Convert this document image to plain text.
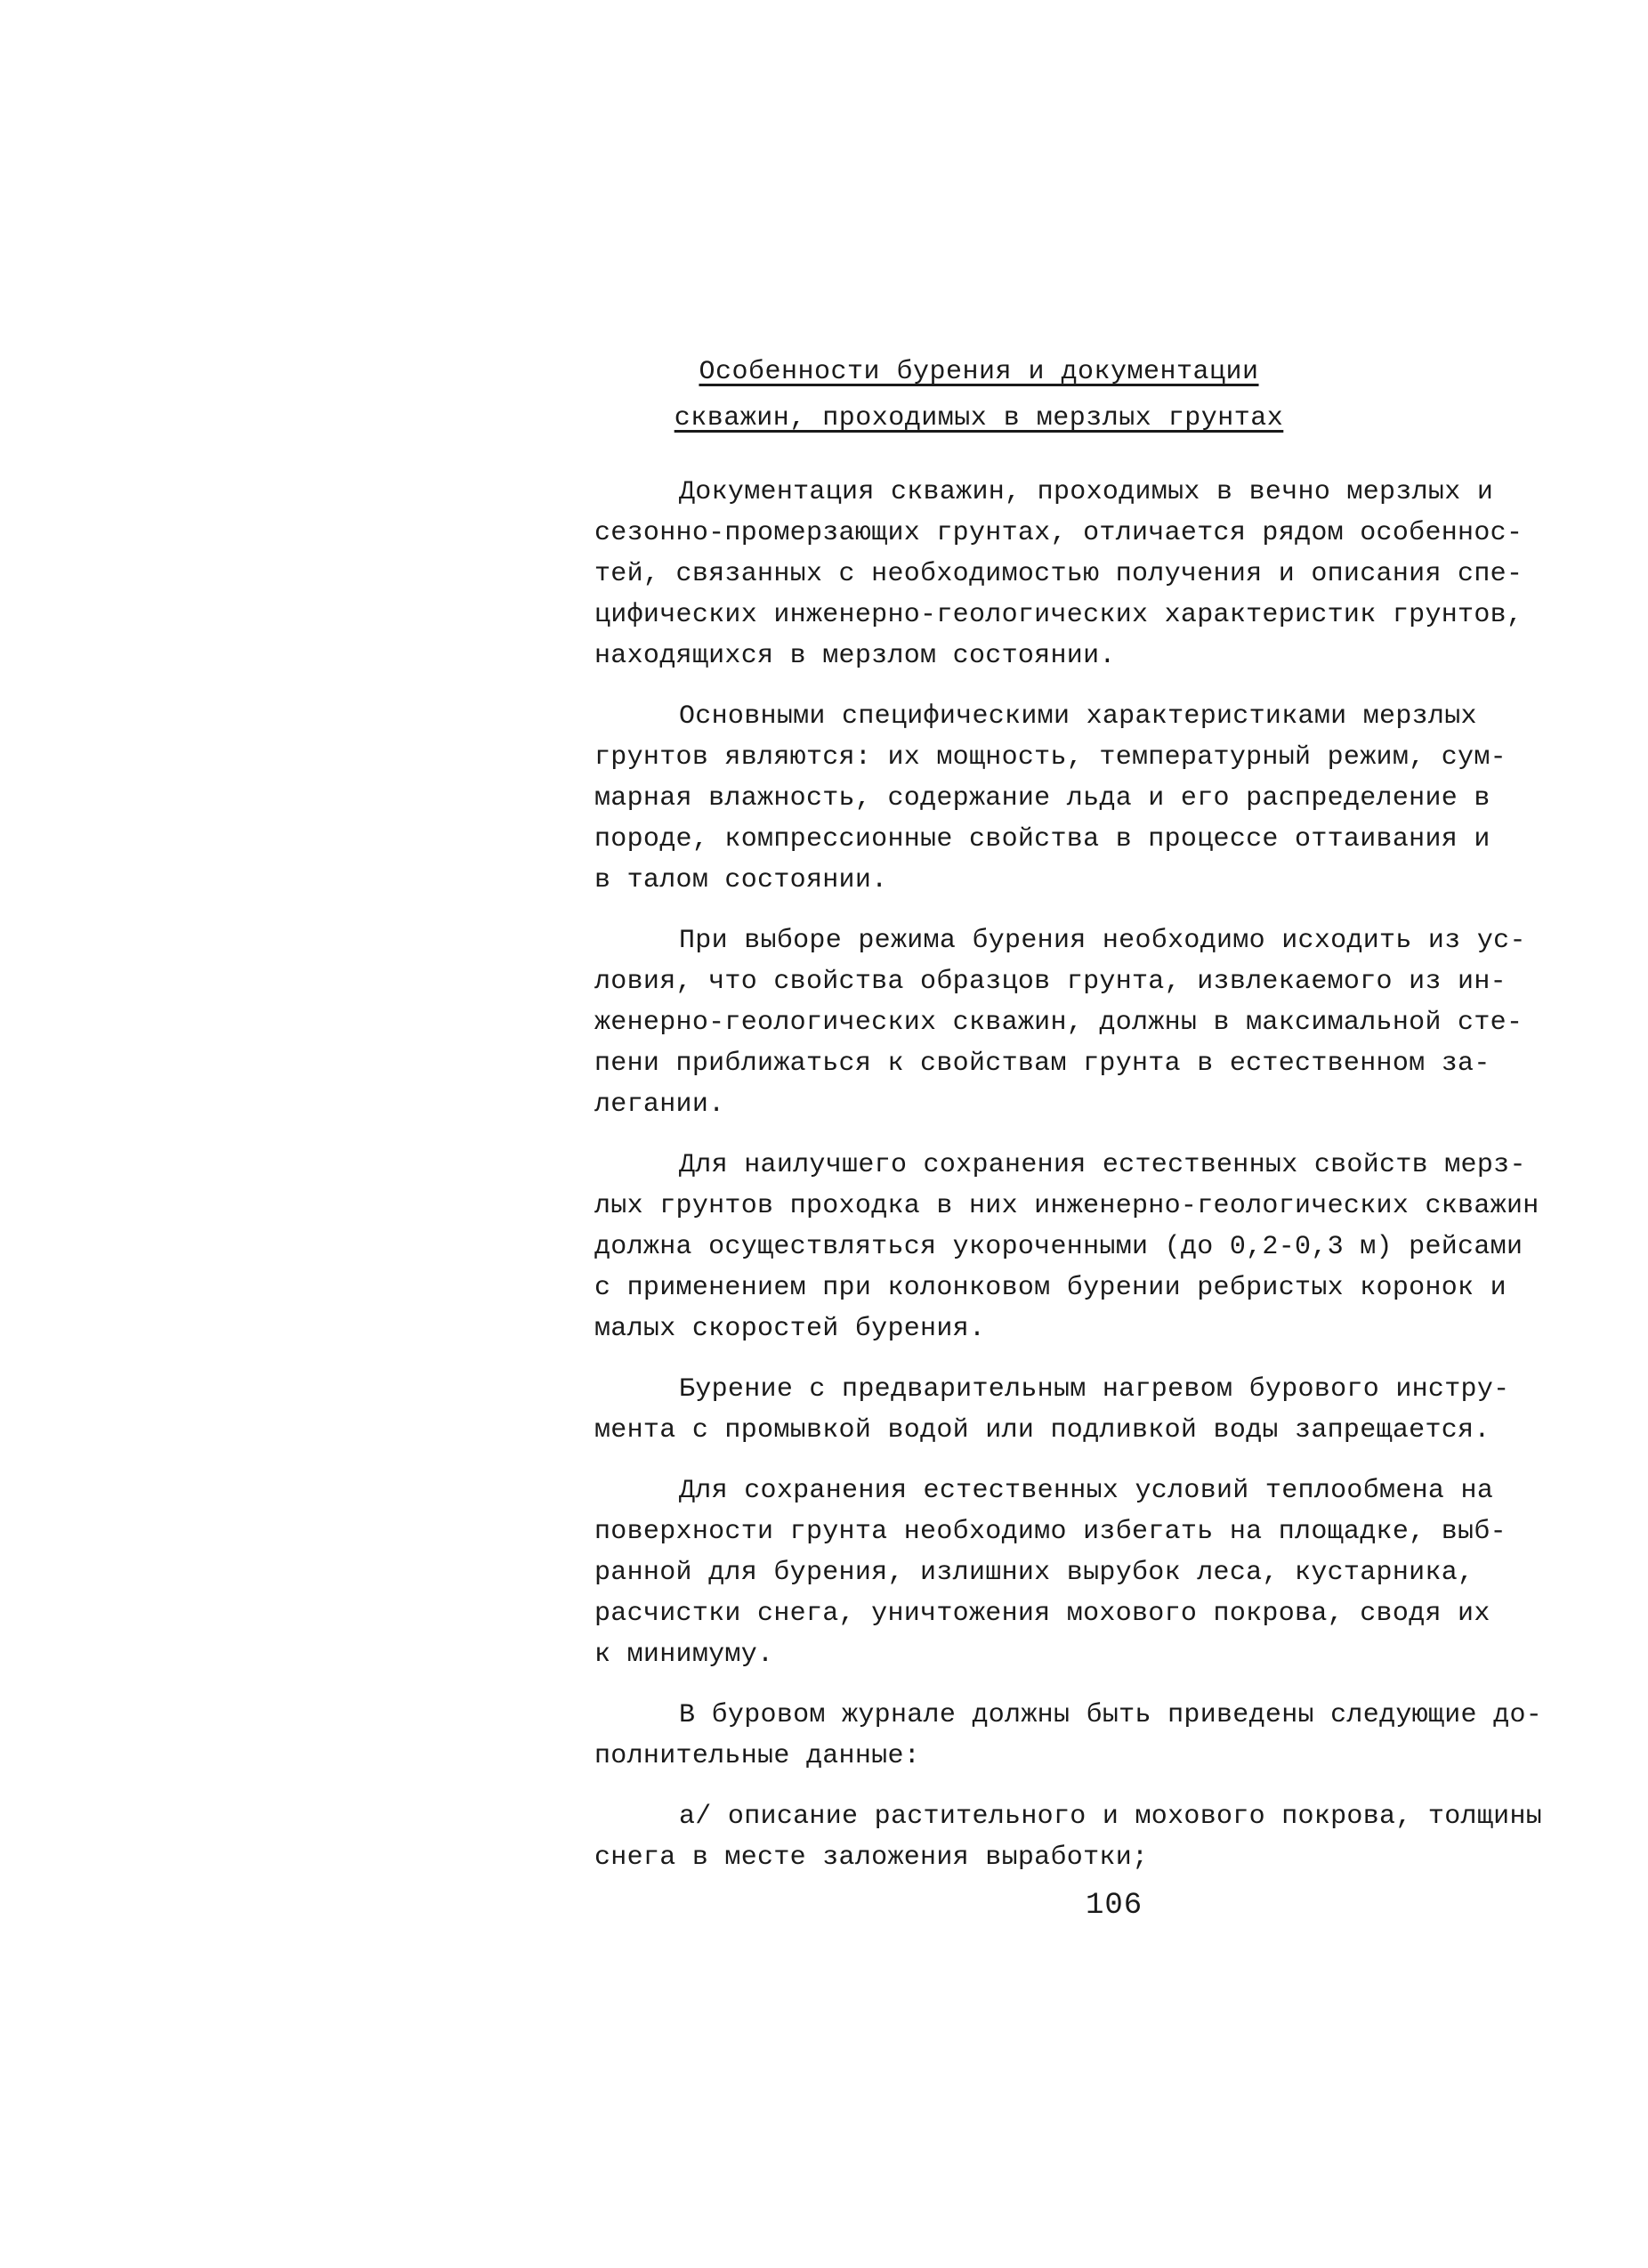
Особенности бурения и документации
скважин, проходимых в мерзлых грунтах

Документация скважин, проходимых в вечно мерзлых и
сезонно-промерзающих грунтах, отличается рядом особеннос-
тей, связанных с необходимостью получения и описания спе-
цифических инженерно-геологических характеристик грунтов,
находящихся в мерзлом состоянии.

Основными специфическими характеристиками мерзлых
грунтов являются: их мощность, температурный режим, сум-
марная влажность, содержание льда и его распределение в
породе, компрессионные свойства в процессе оттаивания и
в талом состоянии.

При выборе режима бурения необходимо исходить из ус-
ловия, что свойства образцов грунта, извлекаемого из ин-
женерно-геологических скважин, должны в максимальной сте-
пени приближаться к свойствам грунта в естественном за-
легании.

Для наилучшего сохранения естественных свойств мерз-
лых грунтов проходка в них инженерно-геологических скважин
должна осуществляться укороченными (до 0,2-0,3 м) рейсами
с применением при колонковом бурении ребристых коронок и
малых скоростей бурения.

Бурение с предварительным нагревом бурового инстру-
мента с промывкой водой или подливкой воды запрещается.

Для сохранения естественных условий теплообмена на
поверхности грунта необходимо избегать на площадке, выб-
ранной для бурения, излишних вырубок леса, кустарника,
расчистки снега, уничтожения мохового покрова, сводя их
к минимуму.

В буровом журнале должны быть приведены следующие до-
полнительные данные:

а/ описание растительного и мохового покрова, толщины
снега в месте заложения выработки;

106
